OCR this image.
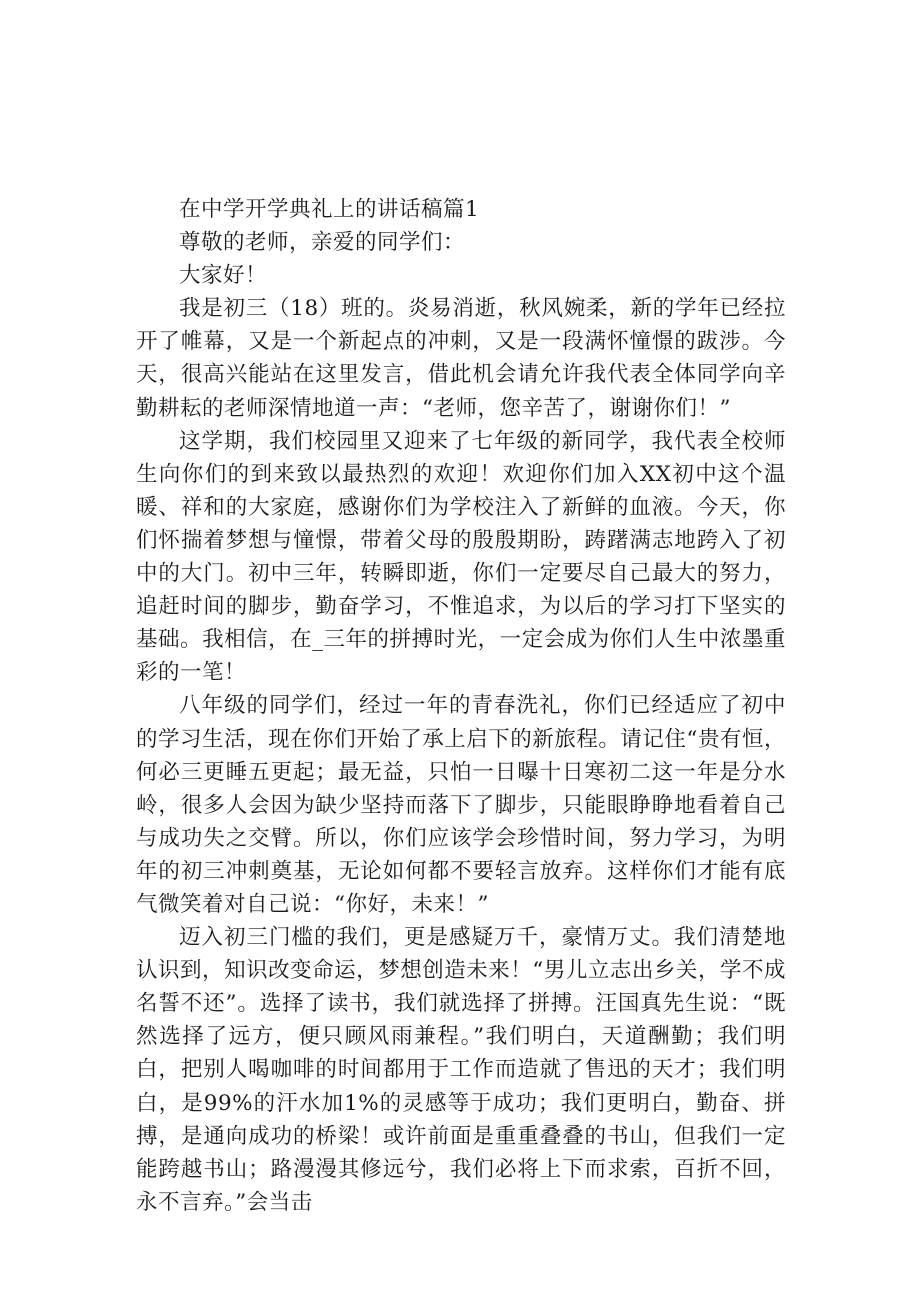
在中学开学典礼上的讲话稿篇1

尊敬的老师，亲爱的同学们：

大家好！

我是初三（18）班的。炎易消逝，秋风婉柔，新的学年已经拉开了帷幕，又是一个新起点的冲刺，又是一段满怀憧憬的跋涉。今天，很高兴能站在这里发言，借此机会请允许我代表全体同学向辛勤耕耘的老师深情地道一声：“老师，您辛苦了，谢谢你们！”

这学期，我们校园里又迎来了七年级的新同学，我代表全校师生向你们的到来致以最热烈的欢迎！欢迎你们加入XX初中这个温暖、祥和的大家庭，感谢你们为学校注入了新鲜的血液。今天，你们怀揣着梦想与憧憬，带着父母的殷殷期盼，踌躇满志地跨入了初中的大门。初中三年，转瞬即逝，你们一定要尽自己最大的努力，追赶时间的脚步，勤奋学习，不惟追求，为以后的学习打下坚实的基础。我相信，在_三年的拼搏时光，一定会成为你们人生中浓墨重彩的一笔！

八年级的同学们，经过一年的青春洗礼，你们已经适应了初中的学习生活，现在你们开始了承上启下的新旅程。请记住“贵有恒，何必三更睡五更起；最无益，只怕一日曝十日寒初二这一年是分水岭，很多人会因为缺少坚持而落下了脚步，只能眼睁睁地看着自己与成功失之交臂。所以，你们应该学会珍惜时间，努力学习，为明年的初三冲刺奠基，无论如何都不要轻言放弃。这样你们才能有底气微笑着对自己说：“你好，未来！”

迈入初三门槛的我们，更是感疑万千，豪情万丈。我们清楚地认识到，知识改变命运，梦想创造未来！“男儿立志出乡关，学不成名誓不还”。选择了读书，我们就选择了拼搏。汪国真先生说：“既然选择了远方，便只顾风雨兼程。”我们明白，天道酬勤；我们明白，把别人喝咖啡的时间都用于工作而造就了售迅的天才；我们明白，是99%的汗水加1%的灵感等于成功；我们更明白，勤奋、拼搏，是通向成功的桥梁！或许前面是重重叠叠的书山，但我们一定能跨越书山；路漫漫其修远兮，我们必将上下而求索，百折不回，永不言弃。”会当击
